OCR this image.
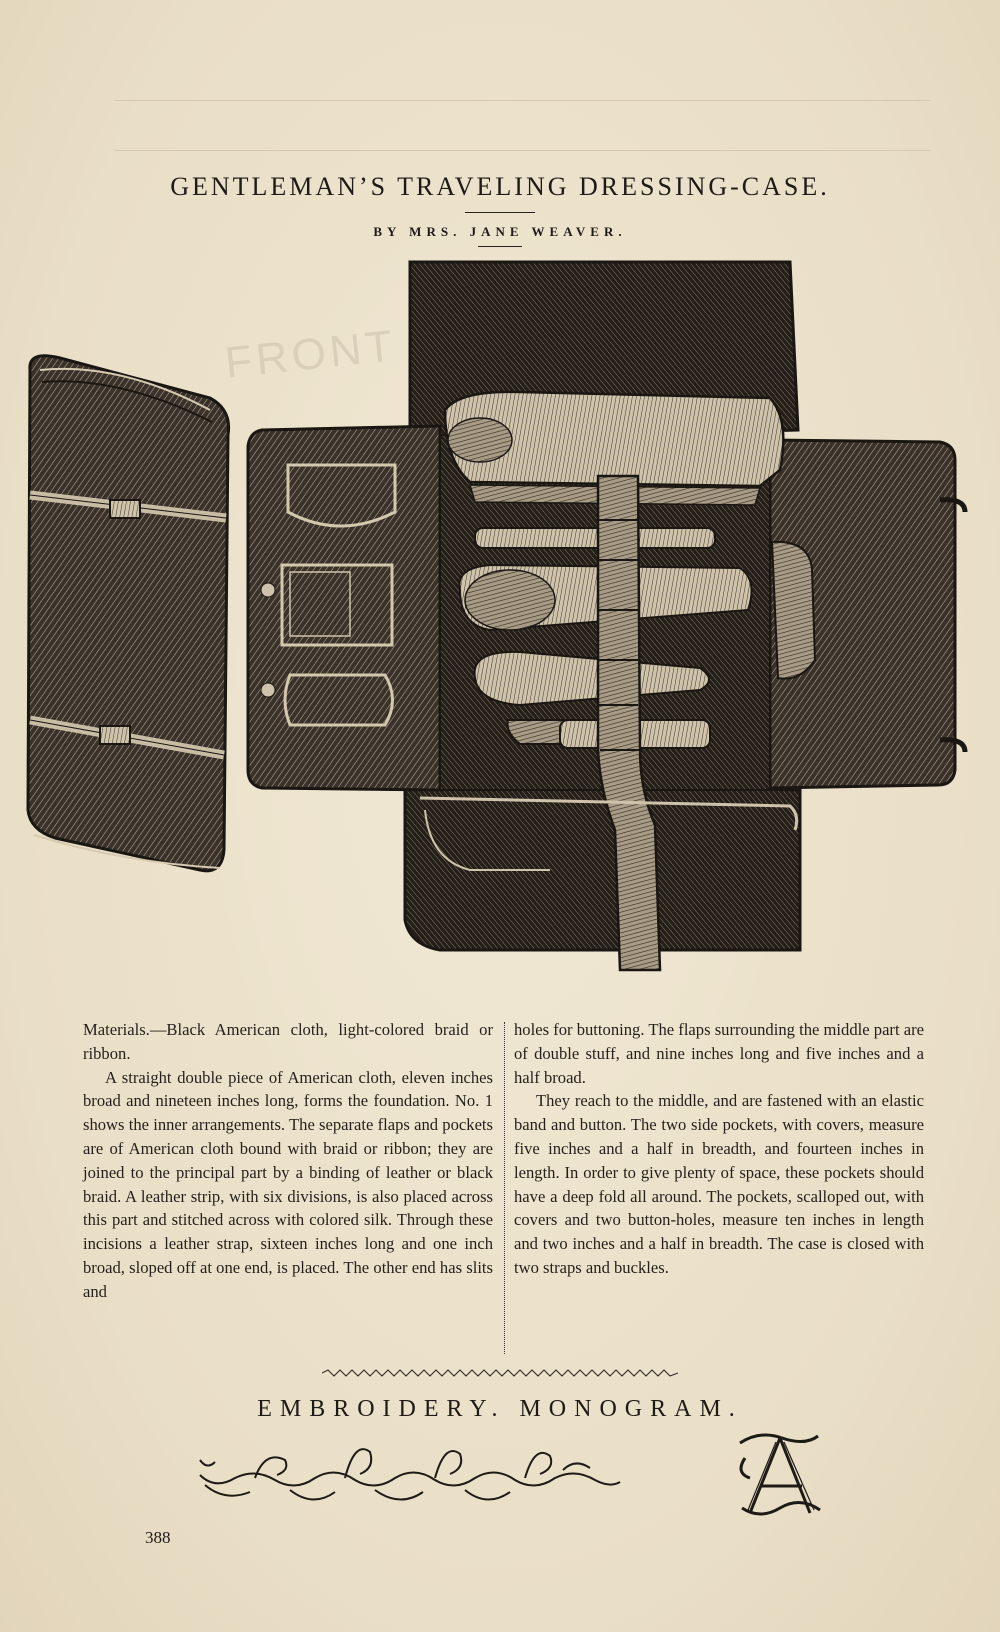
GENTLEMAN’S TRAVELING DRESSING-CASE.
BY MRS. JANE WEAVER.
FRONT

Materials.—Black American cloth, light-colored braid or ribbon.

A straight double piece of American cloth, eleven inches broad and nineteen inches long, forms the foundation. No. 1 shows the inner arrangements. The separate flaps and pockets are of American cloth bound with braid or ribbon; they are joined to the principal part by a binding of leather or black braid. A leather strip, with six divisions, is also placed across this part and stitched across with colored silk. Through these incisions a leather strap, sixteen inches long and one inch broad, sloped off at one end, is placed. The other end has slits and

holes for buttoning. The flaps surrounding the middle part are of double stuff, and nine inches long and five inches and a half broad.

They reach to the middle, and are fastened with an elastic band and button. The two side pockets, with covers, measure five inches and a half in breadth, and fourteen inches in length. In order to give plenty of space, these pockets should have a deep fold all around. The pockets, scalloped out, with covers and two button-holes, measure ten inches in length and two inches and a half in breadth. The case is closed with two straps and buckles.

EMBROIDERY. MONOGRAM.
388
